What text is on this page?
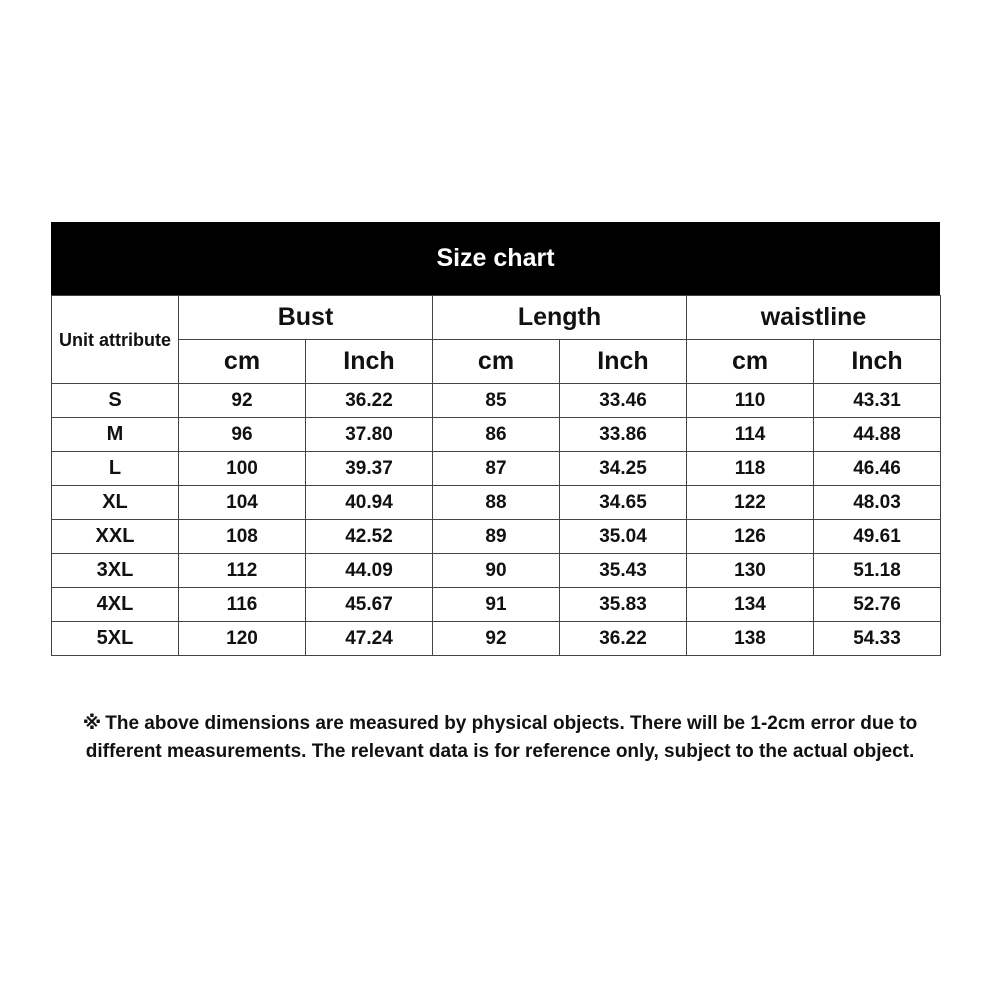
Size chart
Unit attribute	Bust		Length		waistline	
	cm	Inch	cm	Inch	cm	Inch
S	92	36.22	85	33.46	110	43.31
M	96	37.80	86	33.86	114	44.88
L	100	39.37	87	34.25	118	46.46
XL	104	40.94	88	34.65	122	48.03
XXL	108	42.52	89	35.04	126	49.61
3XL	112	44.09	90	35.43	130	51.18
4XL	116	45.67	91	35.83	134	52.76
5XL	120	47.24	92	36.22	138	54.33
※ The above dimensions are measured by physical objects. There will be 1-2cm error due to different measurements. The relevant data is for reference only, subject to the actual object.
